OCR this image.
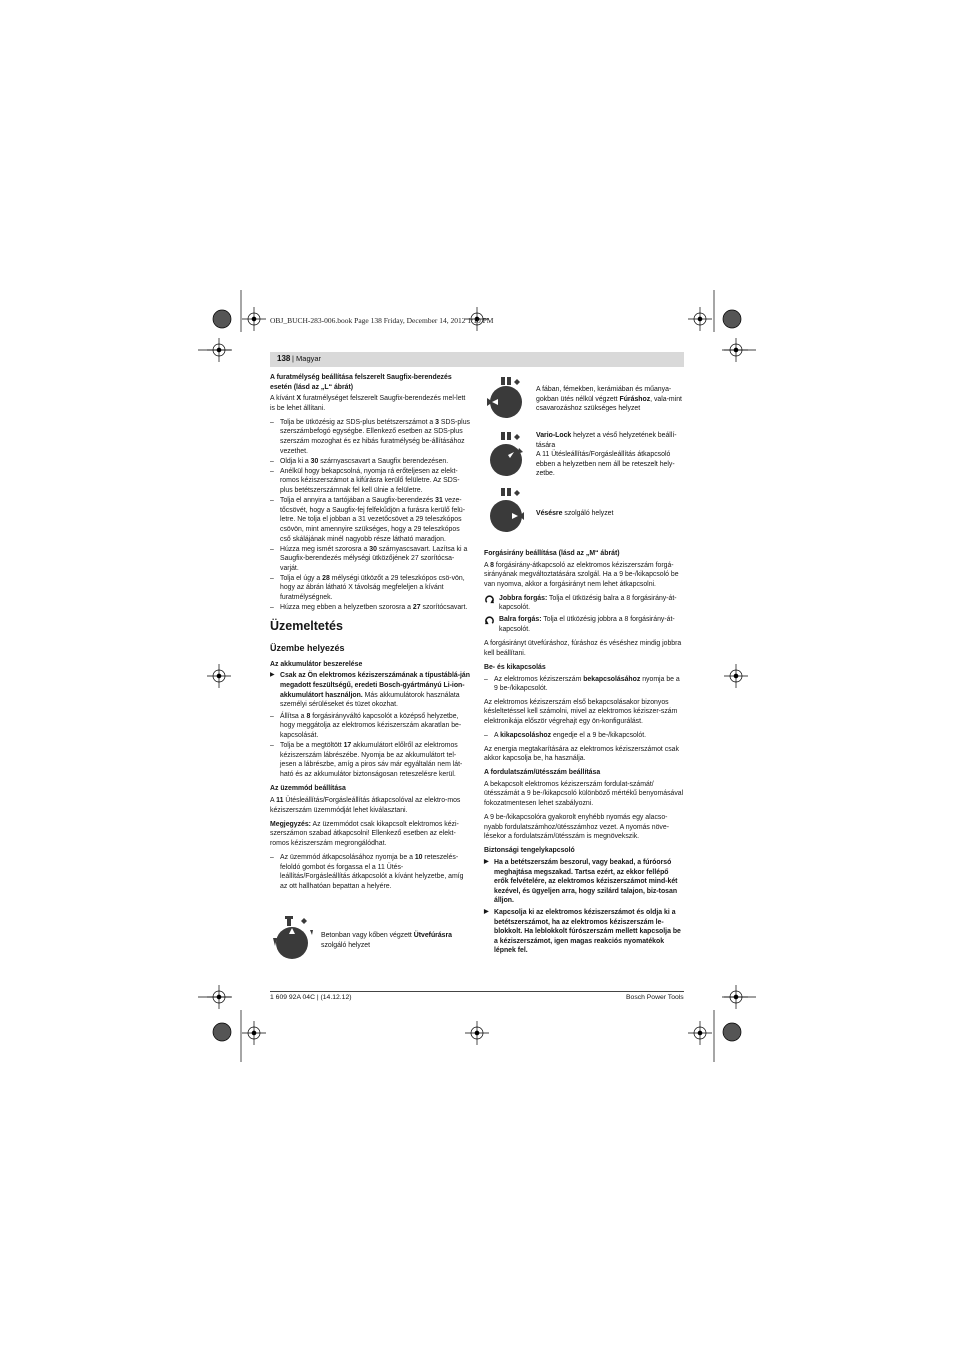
OBJ_BUCH-283-006.book Page 138 Friday, December 14, 2012 1:10 PM
138 | Magyar

A furatmélység beállítása felszerelt Saugfix-berendezés
esetén (lásd az „L“ ábrát)

A kívánt X furatmélységet felszerelt Saugfix-berendezés mel-lett is be lehet állítani.

– Tolja be ütközésig az SDS-plus betétszerszámot a 3 SDS-plus szerszámbefogó egységbe. Ellenkező esetben az SDS-plus szerszám mozoghat és ez hibás furatmélység be-állításához vezethet.

– Oldja ki a 30 szárnyascsavart a Saugfix berendezésen.

– Anélkül hogy bekapcsolná, nyomja rá erőteljesen az elekt-romos kéziszerszámot a kifúrásra kerülő felületre. Az SDS-plus betétszerszámnak fel kell ülnie a felületre.

– Tolja el annyira a tartójában a Saugfix-berendezés 31 veze-tőcsövét, hogy a Saugfix-fej felfekűdjön a furásra kerülő felü-letre. Ne tolja el jobban a 31 vezetőcsövet a 29 teleszkópos csövön, mint amennyire szükséges, hogy a 29 teleszkópos cső skálájának minél nagyobb része látható maradjon.

– Húzza meg ismét szorosra a 30 szárnyascsavart. Lazítsa ki a Saugfix-berendezés mélységi ütközőjének 27 szorítócsa-varját.

– Tolja el úgy a 28 mélységi ütközőt a 29 teleszkópos csö-vön, hogy az ábrán látható X távolság megfeleljen a kívánt furatmélységnek.

– Húzza meg ebben a helyzetben szorosra a 27 szorítócsavart.

Üzemeltetés

Üzembe helyezés

Az akkumulátor beszerelése

▶ Csak az Ön elektromos kéziszerszámának a típustáblá-ján megadott feszültségű, eredeti Bosch-gyártmányú Li-ion-akkumulátort használjon. Más akkumulátorok használata személyi sérüléseket és tüzet okozhat.

– Állítsa a 8 forgásirányváltó kapcsolót a középső helyzetbe, hogy meggátolja az elektromos kéziszerszám akaratlan be-kapcsolását.

– Tolja be a megtöltött 17 akkumulátort előlről az elektromos kéziszerszám lábrészébe. Nyomja be az akkumulátort tel-jesen a lábrészbe, amíg a piros sáv már egyáltalán nem lát-ható és az akkumulátor biztonságosan reteszelésre kerül.

Az üzemmód beállítása

A 11 Ütésleállítás/Forgásleállítás átkapcsolóval az elektro-mos kéziszerszám üzemmódját lehet kiválasztani.

Megjegyzés: Az üzemmódot csak kikapcsolt elektromos kézi-szerszámon szabad átkapcsolni! Ellenkező esetben az elekt-romos kéziszerszám megrongálódhat.

– Az üzemmód átkapcsolásához nyomja be a 10 reteszelés-feloldó gombot és forgassa el a 11 Ütés-leállítás/Forgásleállítás átkapcsolót a kívánt helyzetbe, amíg az ott hallhatóan bepattan a helyére.

Betonban vagy kőben végzett Ütvefúrásra szolgáló helyzet
A fában, fémekben, kerámiában és műanya-gokban ütés nélkül végzett Fúráshoz, vala-mint csavarozáshoz szükséges helyzet
Vario-Lock helyzet a véső helyzetének beállí-tására
A 11 Ütésleállítás/Forgásleállítás átkapcsoló ebben a helyzetben nem áll be reteszelt hely-zetbe.
Vésésre szolgáló helyzet

Forgásirány beállítása (lásd az „M“ ábrát)

A 8 forgásirány-átkapcsoló az elektromos kéziszerszám forgá-sirányának megváltoztatására szolgál. Ha a 9 be-/kikapcsoló be van nyomva, akkor a forgásirányt nem lehet átkapcsolni.

Jobbra forgás: Tolja el ütközésig balra a 8 forgásirány-át-kapcsolót.
Balra forgás: Tolja el ütközésig jobbra a 8 forgásirány-át-kapcsolót.

A forgásirányt ütvefúráshoz, fúráshoz és véséshez mindig jobbra kell beállítani.

Be- és kikapcsolás

– Az elektromos kéziszerszám bekapcsolásához nyomja be a 9 be-/kikapcsolót.

Az elektromos kéziszerszám első bekapcsolásakor bizonyos késleltetéssel kell számolni, mivel az elektromos kéziszer-szám elektronikája először végrehajt egy ön-konfigurálást.

– A kikapcsoláshoz engedje el a 9 be-/kikapcsolót.

Az energia megtakarítására az elektromos kéziszerszámot csak akkor kapcsolja be, ha használja.

A fordulatszám/ütésszám beállítása

A bekapcsolt elektromos kéziszerszám fordulat-számát/ütésszámát a 9 be-/kikapcsoló különböző mértékű benyomásával fokozatmentesen lehet szabályozni.

A 9 be-/kikapcsolóra gyakorolt enyhébb nyomás egy alacso-nyabb fordulatszámhoz/ütésszámhoz vezet. A nyomás növe-lésekor a fordulatszám/ütésszám is megnövekszik.

Biztonsági tengelykapcsoló

▶ Ha a betétszerszám beszorul, vagy beakad, a fúróorsó meghajtása megszakad. Tartsa ezért, az ekkor fellépő erők felvételére, az elektromos kéziszerszámot mind-két kezével, és ügyeljen arra, hogy szilárd talajon, biz-tosan álljon.

▶ Kapcsolja ki az elektromos kéziszerszámot és oldja ki a betétszerszámot, ha az elektromos kéziszerszám le-blokkolt. Ha leblokkolt fúrószerszám mellett kapcsolja be a kéziszerszámot, igen magas reakciós nyomatékok lépnek fel.

1 609 92A 04C | (14.12.12)	Bosch Power Tools
